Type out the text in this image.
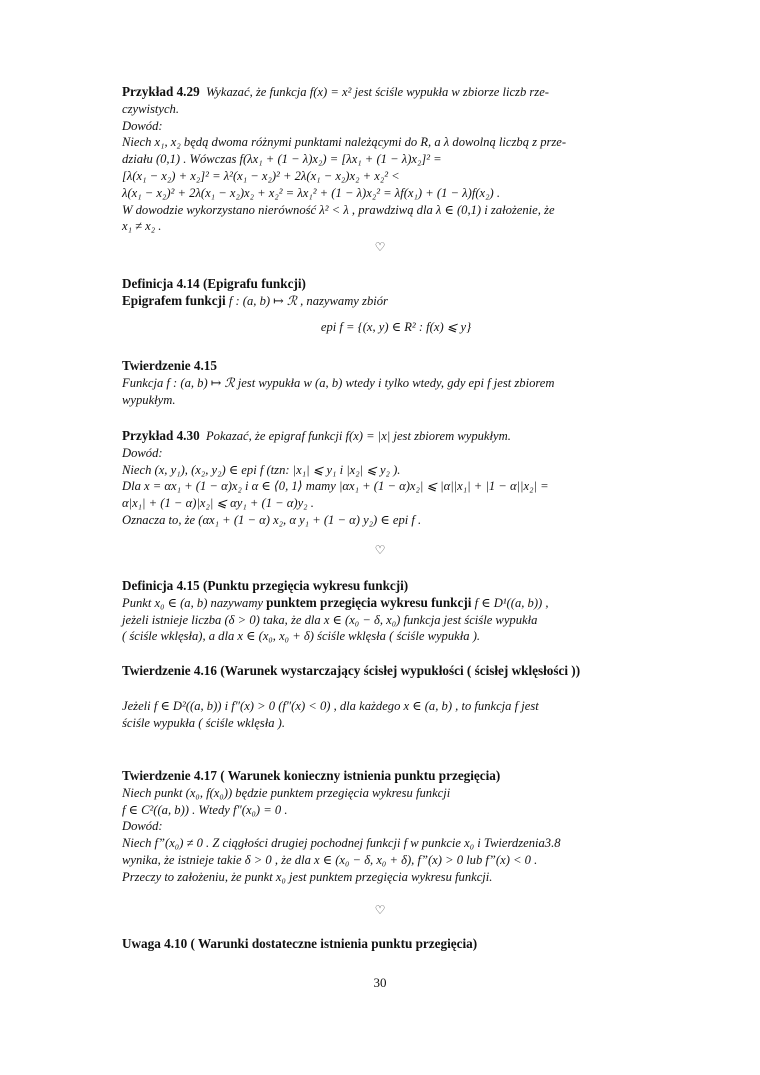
Przykład 4.29 Wykazać, że funkcja f(x) = x² jest ściśle wypukła w zbiorze liczb rze-
czywistych.
Dowód:
Niech x₁, x₂ będą dwoma różnymi punktami należącymi do R, a λ dowolną liczbą z prze-
działu (0,1) . Wówczas f(λx₁ + (1 − λ)x₂) = [λx₁ + (1 − λ)x₂]² =
[λ(x₁ − x₂) + x₂]² = λ²(x₁ − x₂)² + 2λ(x₁ − x₂)x₂ + x₂² <
λ(x₁ − x₂)² + 2λ(x₁ − x₂)x₂ + x₂² = λx₁² + (1 − λ)x₂² = λf(x₁) + (1 − λ)f(x₂) .
W dowodzie wykorzystano nierówność λ² < λ , prawdziwą dla λ ∈ (0,1) i założenie, że
x₁ ≠ x₂ .
♡
Definicja 4.14 (Epigrafu funkcji)
Epigrafem funkcji f : (a, b) ↦ ℛ , nazywamy zbiór
epi f = {(x, y) ∈ R² : f(x) ⩽ y}
Twierdzenie 4.15
Funkcja f : (a, b) ↦ ℛ jest wypukła w (a, b) wtedy i tylko wtedy, gdy epi f jest zbiorem
wypukłym.
Przykład 4.30 Pokazać, że epigraf funkcji f(x) = |x| jest zbiorem wypukłym.
Dowód:
Niech (x, y₁), (x₂, y₂) ∈ epi f (tzn: |x₁| ⩽ y₁ i |x₂| ⩽ y₂ ).
Dla x = αx₁ + (1 − α)x₂ i α ∈ ⟨0, 1⟩ mamy |αx₁ + (1 − α)x₂| ⩽ |α||x₁| + |1 − α||x₂| =
α|x₁| + (1 − α)|x₂| ⩽ αy₁ + (1 − α)y₂ .
Oznacza to, że (αx₁ + (1 − α) x₂, α y₁ + (1 − α) y₂) ∈ epi f .
♡
Definicja 4.15 (Punktu przegięcia wykresu funkcji)
Punkt x₀ ∈ (a, b) nazywamy punktem przegięcia wykresu funkcji f ∈ D¹((a, b)) ,
jeżeli istnieje liczba (δ > 0) taka, że dla x ∈ (x₀ − δ, x₀) funkcja jest ściśle wypukła
( ściśle wklęsła), a dla x ∈ (x₀, x₀ + δ) ściśle wklęsła ( ściśle wypukła ).
Twierdzenie 4.16 (Warunek wystarczający ścisłej wypukłości ( ścisłej wklęsłości ))
Jeżeli f ∈ D²((a, b)) i f″(x) > 0 (f″(x) < 0) , dla każdego x ∈ (a, b) , to funkcja f jest
ściśle wypukła ( ściśle wklęsła ).
Twierdzenie 4.17 ( Warunek konieczny istnienia punktu przegięcia)
Niech punkt (x₀, f(x₀)) będzie punktem przegięcia wykresu funkcji
f ∈ C²((a, b)) . Wtedy f″(x₀) = 0 .
Dowód:
Niech f”(x₀) ≠ 0 . Z ciągłości drugiej pochodnej funkcji f w punkcie x₀ i Twierdzenia3.8
wynika, że istnieje takie δ > 0 , że dla x ∈ (x₀ − δ, x₀ + δ), f”(x) > 0 lub f”(x) < 0 .
Przeczy to założeniu, że punkt x₀ jest punktem przegięcia wykresu funkcji.
♡
Uwaga 4.10 ( Warunki dostateczne istnienia punktu przegięcia)
30
